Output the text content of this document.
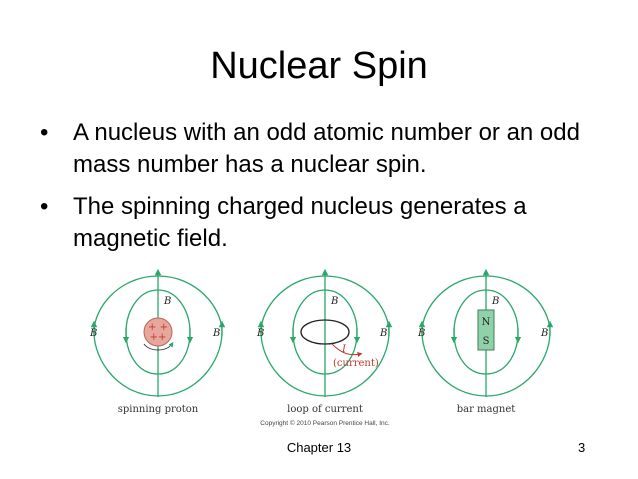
Nuclear Spin
• A nucleus with an odd atomic number or an odd mass number has a nuclear spin.
• The spinning charged nucleus generates a magnetic field.
+ +
++
B
B	B
spinning proton
I
(current)
B
B	B
loop of current
N
S
B
B	B
bar magnet
Copyright © 2010 Pearson Prentice Hall, Inc.
Chapter 13	3
